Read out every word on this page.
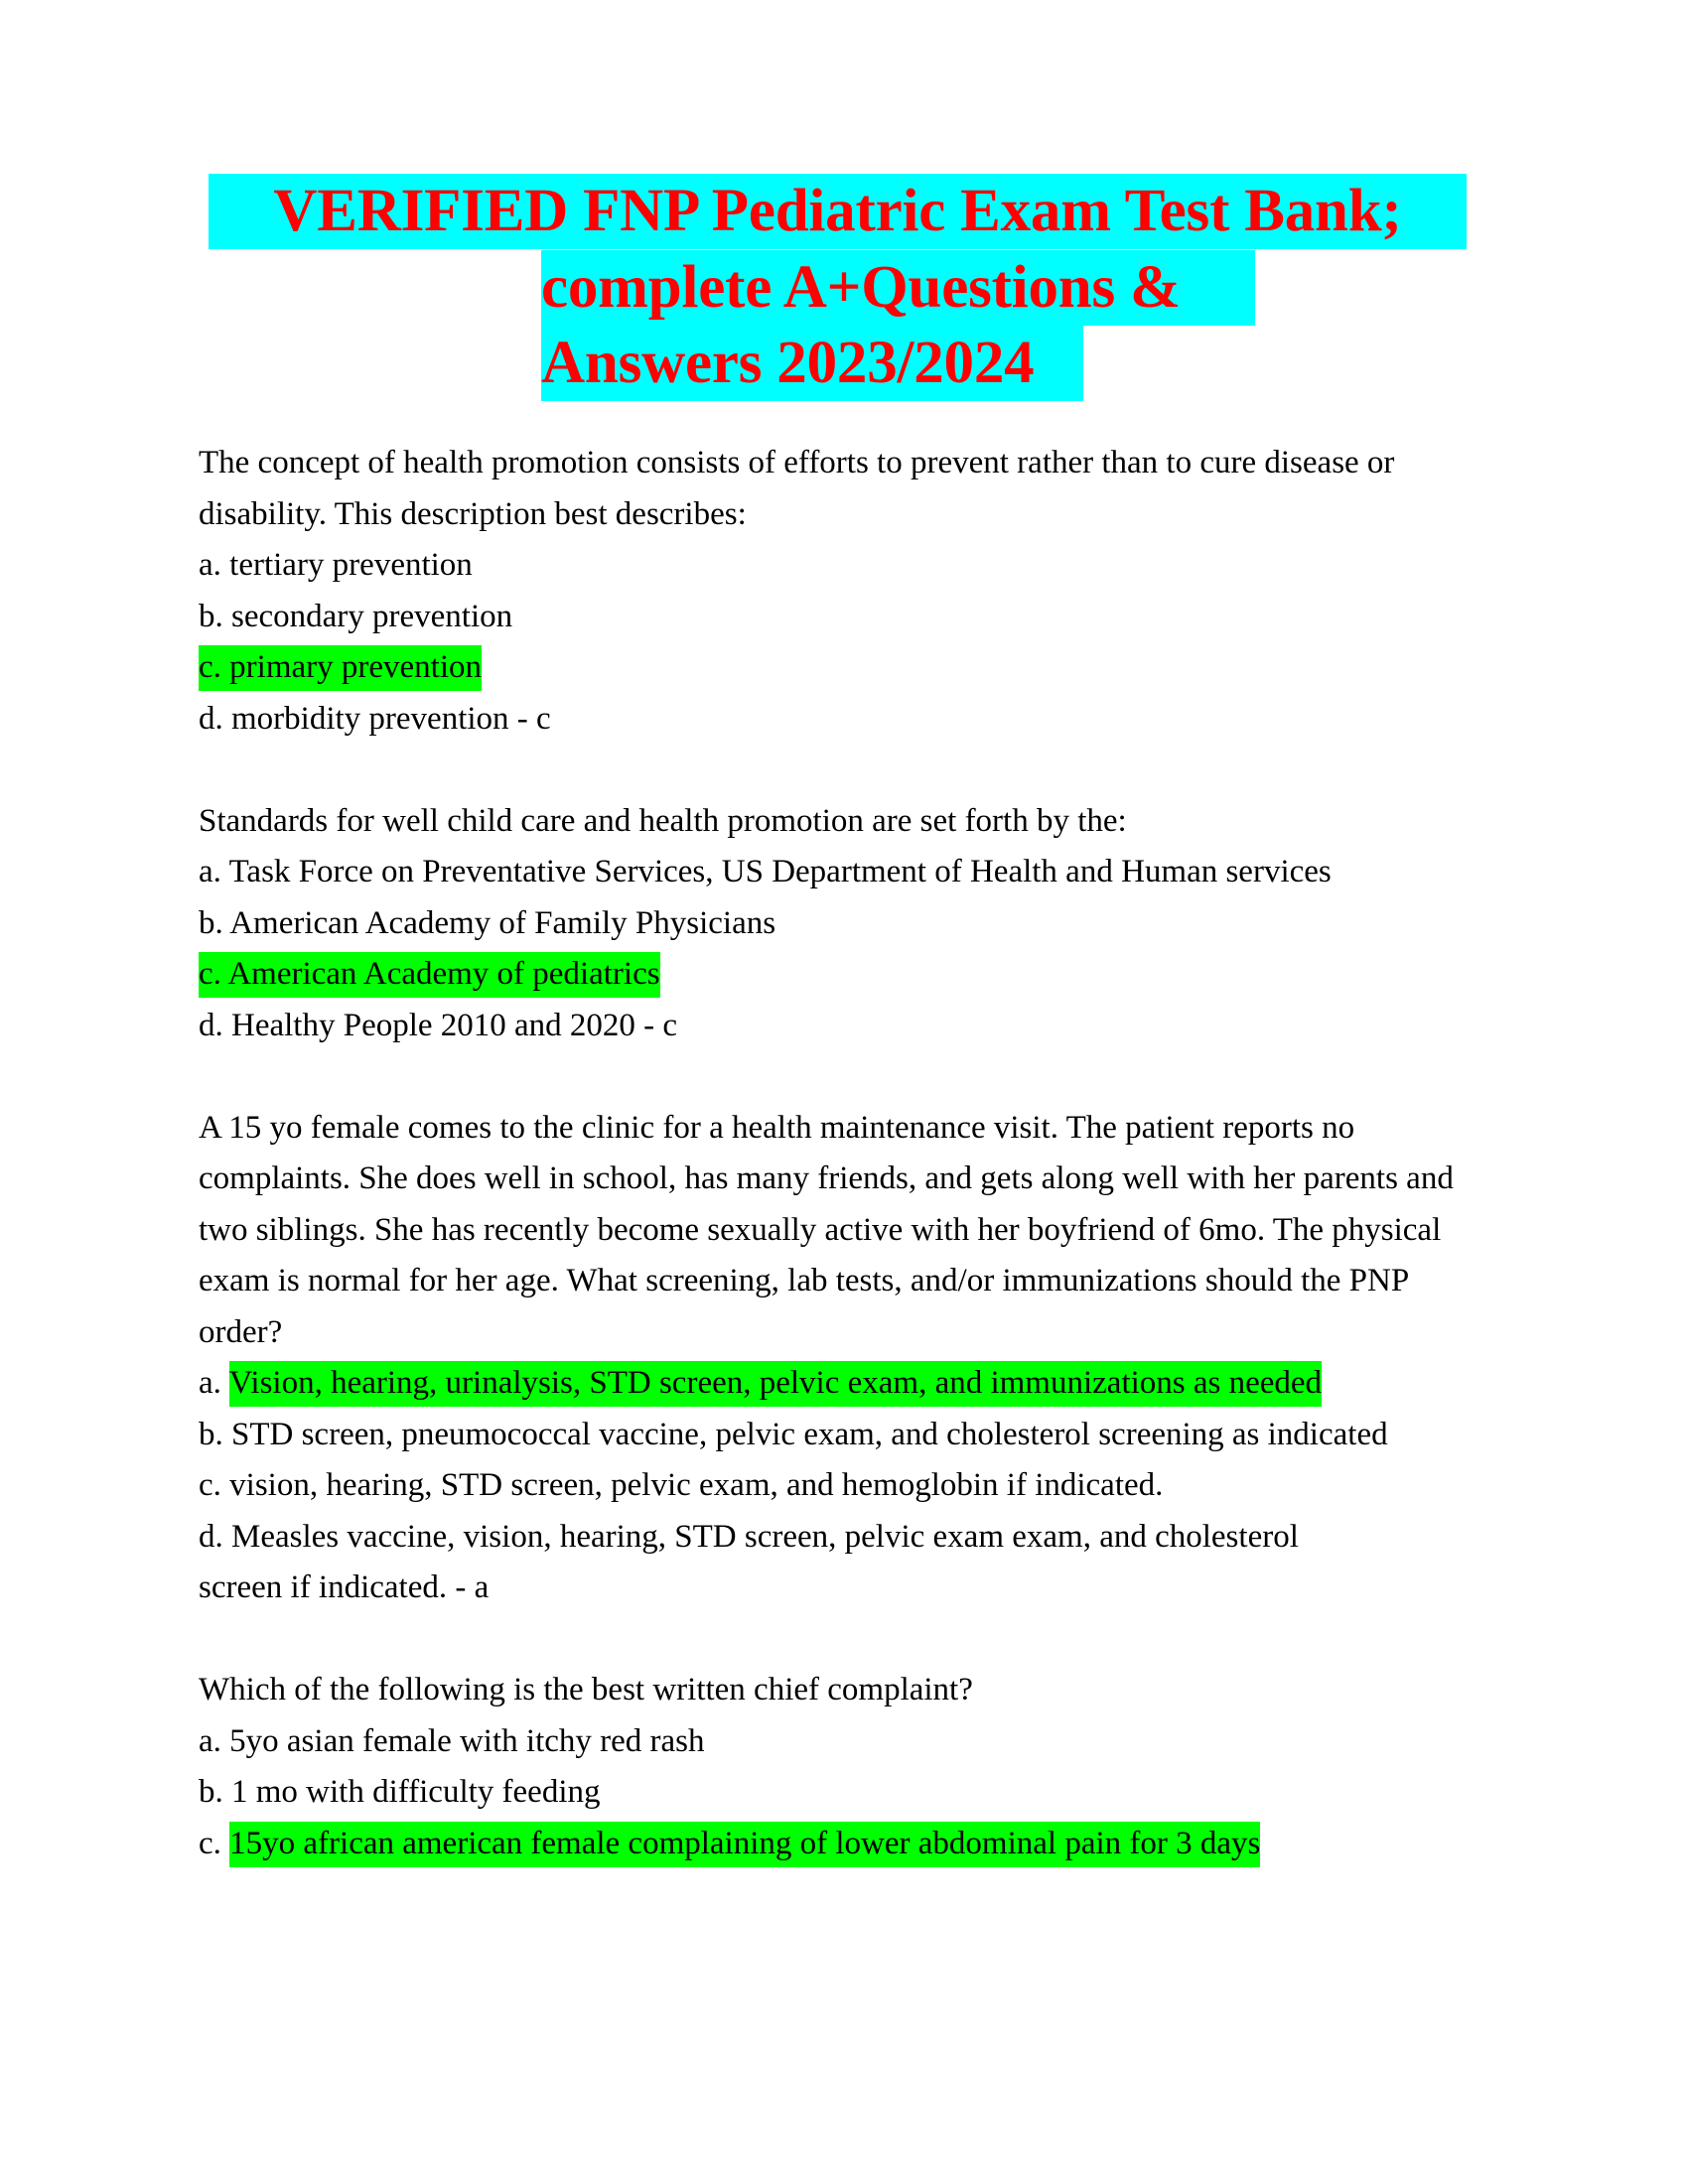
VERIFIED FNP Pediatric Exam Test Bank;
complete A+Questions &
Answers 2023/2024
The concept of health promotion consists of efforts to prevent rather than to cure disease or disability. This description best describes:
a. tertiary prevention
b. secondary prevention
c. primary prevention
d. morbidity prevention - c
Standards for well child care and health promotion are set forth by the:
a. Task Force on Preventative Services, US Department of Health and Human services
b. American Academy of Family Physicians
c. American Academy of pediatrics
d. Healthy People 2010 and 2020 - c
A 15 yo female comes to the clinic for a health maintenance visit. The patient reports no complaints. She does well in school, has many friends, and gets along well with her parents and two siblings. She has recently become sexually active with her boyfriend of 6mo. The physical exam is normal for her age. What screening, lab tests, and/or immunizations should the PNP order?
a. Vision, hearing, urinalysis, STD screen, pelvic exam, and immunizations as needed
b. STD screen, pneumococcal vaccine, pelvic exam, and cholesterol screening as indicated
c. vision, hearing, STD screen, pelvic exam, and hemoglobin if indicated.
d. Measles vaccine, vision, hearing, STD screen, pelvic exam exam, and cholesterol screen if indicated. - a
Which of the following is the best written chief complaint?
a. 5yo asian female with itchy red rash
b. 1 mo with difficulty feeding
c. 15yo african american female complaining of lower abdominal pain for 3 days
